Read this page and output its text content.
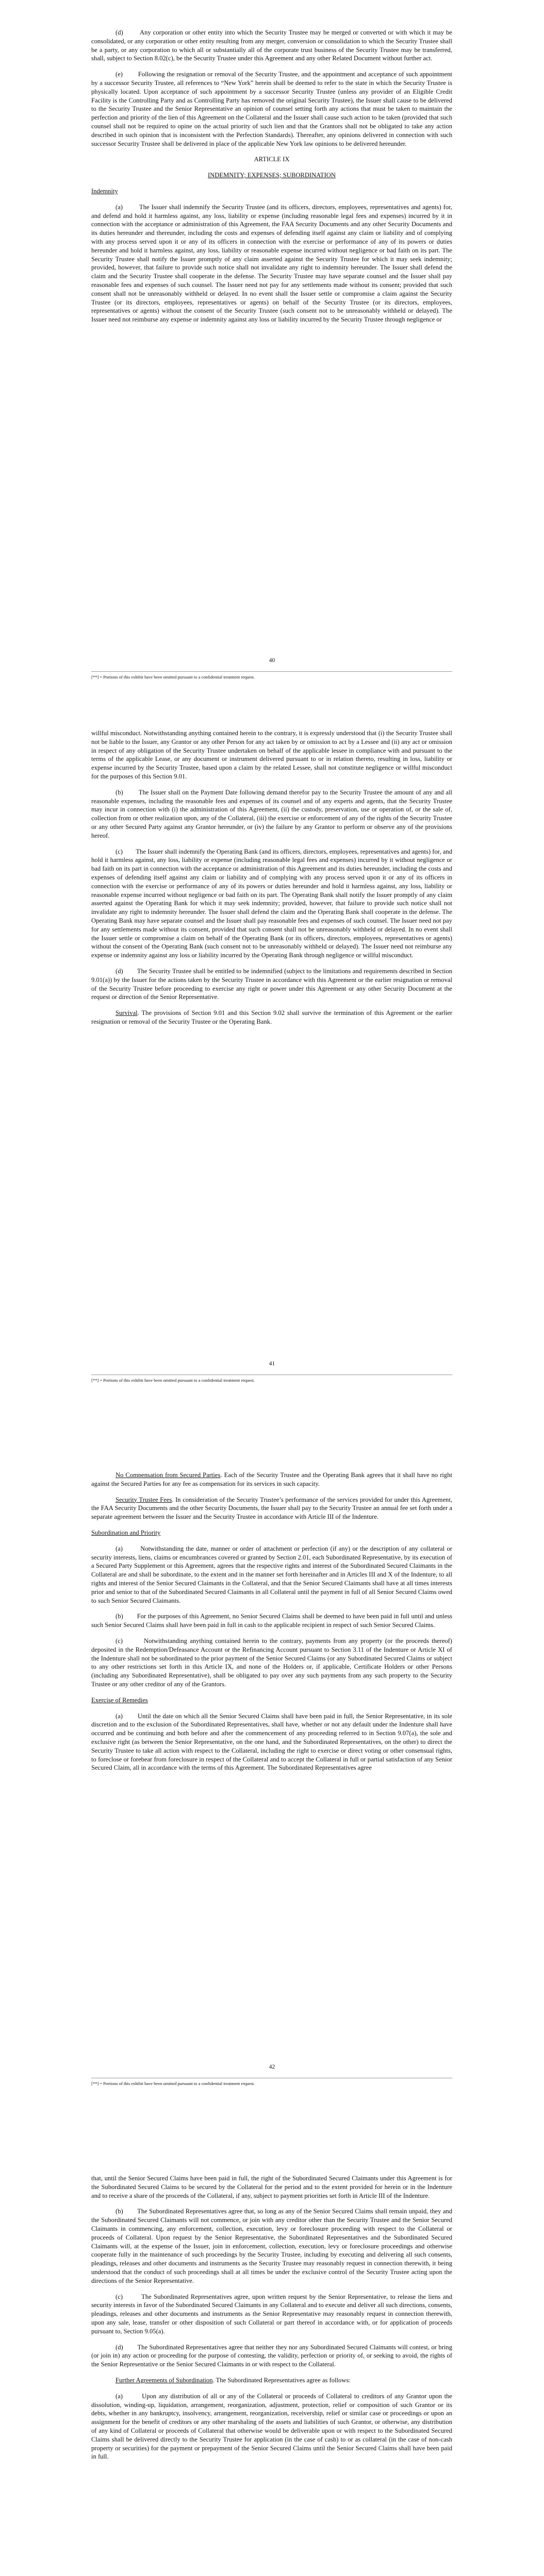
(d)	Any corporation or other entity into which the Security Trustee may be merged or converted or with which it may be consolidated, or any corporation or other entity resulting from any merger, conversion or consolidation to which the Security Trustee shall be a party, or any corporation to which all or substantially all of the corporate trust business of the Security Trustee may be transferred, shall, subject to Section 8.02(c), be the Security Trustee under this Agreement and any other Related Document without further act.

(e) Following the resignation or removal of the Security Trustee, and the appointment and acceptance of such appointment by a successor Security Trustee, all references to “New York” herein shall be deemed to refer to the state in which the Security Trustee is physically located. Upon acceptance of such appointment by a successor Security Trustee (unless any provider of an Eligible Credit Facility is the Controlling Party and as Controlling Party has removed the original Security Trustee), the Issuer shall cause to be delivered to the Security Trustee and the Senior Representative an opinion of counsel setting forth any actions that must be taken to maintain the perfection and priority of the lien of this Agreement on the Collateral and the Issuer shall cause such action to be taken (provided that such counsel shall not be required to opine on the actual priority of such lien and that the Grantors shall not be obligated to take any action described in such opinion that is inconsistent with the Perfection Standards). Thereafter, any opinions delivered in connection with such successor Security Trustee shall be delivered in place of the applicable New York law opinions to be delivered hereunder.

ARTICLE IX

INDEMNITY; EXPENSES; SUBORDINATION

Indemnity

(a)	The Issuer shall indemnify the Security Trustee (and its officers, directors, employees, representatives and agents) for, and defend and hold it harmless against, any loss, liability or expense (including reasonable legal fees and expenses) incurred by it in connection with the acceptance or administration of this Agreement, the FAA Security Documents and any other Security Documents and its duties hereunder and thereunder, including the costs and expenses of defending itself against any claim or liability and of complying with any process served upon it or any of its officers in connection with the exercise or performance of any of its powers or duties hereunder and hold it harmless against, any loss, liability or reasonable expense incurred without negligence or bad faith on its part. The Security Trustee shall notify the Issuer promptly of any claim asserted against the Security Trustee for which it may seek indemnity; provided, however, that failure to provide such notice shall not invalidate any right to indemnity hereunder. The Issuer shall defend the claim and the Security Trustee shall cooperate in the defense. The Security Trustee may have separate counsel and the Issuer shall pay reasonable fees and expenses of such counsel. The Issuer need not pay for any settlements made without its consent; provided that such consent shall not be unreasonably withheld or delayed. In no event shall the Issuer settle or compromise a claim against the Security Trustee (or its directors, employees, representatives or agents) on behalf of the Security Trustee (or its directors, employees, representatives or agents) without the consent of the Security Trustee (such consent not to be unreasonably withheld or delayed). The Issuer need not reimburse any expense or indemnity against any loss or liability incurred by the Security Trustee through negligence or

40
[**] = Portions of this exhibit have been omitted pursuant to a confidential treatment request.

willful misconduct. Notwithstanding anything contained herein to the contrary, it is expressly understood that (i) the Security Trustee shall not be liable to the Issuer, any Grantor or any other Person for any act taken by or omission to act by a Lessee and (ii) any act or omission in respect of any obligation of the Security Trustee undertaken on behalf of the applicable lessee in compliance with and pursuant to the terms of the applicable Lease, or any document or instrument delivered pursuant to or in relation thereto, resulting in loss, liability or expense incurred by the Security Trustee, based upon a claim by the related Lessee, shall not constitute negligence or willful misconduct for the purposes of this Section 9.01.

(b) The Issuer shall on the Payment Date following demand therefor pay to the Security Trustee the amount of any and all reasonable expenses, including the reasonable fees and expenses of its counsel and of any experts and agents, that the Security Trustee may incur in connection with (i) the administration of this Agreement, (ii) the custody, preservation, use or operation of, or the sale of, collection from or other realization upon, any of the Collateral, (iii) the exercise or enforcement of any of the rights of the Security Trustee or any other Secured Party against any Grantor hereunder, or (iv) the failure by any Grantor to perform or observe any of the provisions hereof.

(c) The Issuer shall indemnify the Operating Bank (and its officers, directors, employees, representatives and agents) for, and hold it harmless against, any loss, liability or expense (including reasonable legal fees and expenses) incurred by it without negligence or bad faith on its part in connection with the acceptance or administration of this Agreement and its duties hereunder, including the costs and expenses of defending itself against any claim or liability and of complying with any process served upon it or any of its officers in connection with the exercise or performance of any of its powers or duties hereunder and hold it harmless against, any loss, liability or reasonable expense incurred without negligence or bad faith on its part. The Operating Bank shall notify the Issuer promptly of any claim asserted against the Operating Bank for which it may seek indemnity; provided, however, that failure to provide such notice shall not invalidate any right to indemnity hereunder. The Issuer shall defend the claim and the Operating Bank shall cooperate in the defense. The Operating Bank may have separate counsel and the Issuer shall pay reasonable fees and expenses of such counsel. The Issuer need not pay for any settlements made without its consent, provided that such consent shall not be unreasonably withheld or delayed. In no event shall the Issuer settle or compromise a claim on behalf of the Operating Bank (or its officers, directors, employees, representatives or agents) without the consent of the Operating Bank (such consent not to be unreasonably withheld or delayed). The Issuer need not reimburse any expense or indemnity against any loss or liability incurred by the Operating Bank through negligence or willful misconduct.

(d) The Security Trustee shall be entitled to be indemnified (subject to the limitations and requirements described in Section 9.01(a)) by the Issuer for the actions taken by the Security Trustee in accordance with this Agreement or the earlier resignation or removal of the Security Trustee before proceeding to exercise any right or power under this Agreement or any other Security Document at the request or direction of the Senior Representative.

Survival. The provisions of Section 9.01 and this Section 9.02 shall survive the termination of this Agreement or the earlier resignation or removal of the Security Trustee or the Operating Bank.

41
[**] = Portions of this exhibit have been omitted pursuant to a confidential treatment request.

No Compensation from Secured Parties. Each of the Security Trustee and the Operating Bank agrees that it shall have no right against the Secured Parties for any fee as compensation for its services in such capacity.

Security Trustee Fees. In consideration of the Security Trustee’s performance of the services provided for under this Agreement, the FAA Security Documents and the other Security Documents, the Issuer shall pay to the Security Trustee an annual fee set forth under a separate agreement between the Issuer and the Security Trustee in accordance with Article III of the Indenture.

Subordination and Priority

(a)	Notwithstanding the date, manner or order of attachment or perfection (if any) or the description of any collateral or security interests, liens, claims or encumbrances covered or granted by Section 2.01, each Subordinated Representative, by its execution of a Secured Party Supplement or this Agreement, agrees that the respective rights and interest of the Subordinated Secured Claimants in the Collateral are and shall be subordinate, to the extent and in the manner set forth hereinafter and in Articles III and X of the Indenture, to all rights and interest of the Senior Secured Claimants in the Collateral, and that the Senior Secured Claimants shall have at all times interests prior and senior to that of the Subordinated Secured Claimants in all Collateral until the payment in full of all Senior Secured Claims owed to such Senior Secured Claimants.

(b) For the purposes of this Agreement, no Senior Secured Claims shall be deemed to have been paid in full until and unless such Senior Secured Claims shall have been paid in full in cash to the applicable recipient in respect of such Senior Secured Claims.

(c)	Notwithstanding anything contained herein to the contrary, payments from any property (or the proceeds thereof) deposited in the Redemption/Defeasance Account or the Refinancing Account pursuant to Section 3.11 of the Indenture or Article XI of the Indenture shall not be subordinated to the prior payment of the Senior Secured Claims (or any Subordinated Secured Claims or subject to any other restrictions set forth in this Article IX, and none of the Holders or, if applicable, Certificate Holders or other Persons (including any Subordinated Representative), shall be obligated to pay over any such payments from any such property to the Security Trustee or any other creditor of any of the Grantors.

Exercise of Remedies

(a) Until the date on which all the Senior Secured Claims shall have been paid in full, the Senior Representative, in its sole discretion and to the exclusion of the Subordinated Representatives, shall have, whether or not any default under the Indenture shall have occurred and be continuing and both before and after the commencement of any proceeding referred to in Section 9.07(a), the sole and exclusive right (as between the Senior Representative, on the one hand, and the Subordinated Representatives, on the other) to direct the Security Trustee to take all action with respect to the Collateral, including the right to exercise or direct voting or other consensual rights, to foreclose or forebear from foreclosure in respect of the Collateral and to accept the Collateral in full or partial satisfaction of any Senior Secured Claim, all in accordance with the terms of this Agreement. The Subordinated Representatives agree

42
[**] = Portions of this exhibit have been omitted pursuant to a confidential treatment request.

that, until the Senior Secured Claims have been paid in full, the right of the Subordinated Secured Claimants under this Agreement is for the Subordinated Secured Claims to be secured by the Collateral for the period and to the extent provided for herein or in the Indenture and to receive a share of the proceeds of the Collateral, if any, subject to payment priorities set forth in Article III of the Indenture.

(b) The Subordinated Representatives agree that, so long as any of the Senior Secured Claims shall remain unpaid, they and the Subordinated Secured Claimants will not commence, or join with any creditor other than the Security Trustee and the Senior Secured Claimants in commencing, any enforcement, collection, execution, levy or foreclosure proceeding with respect to the Collateral or proceeds of Collateral. Upon request by the Senior Representative, the Subordinated Representatives and the Subordinated Secured Claimants will, at the expense of the Issuer, join in enforcement, collection, execution, levy or foreclosure proceedings and otherwise cooperate fully in the maintenance of such proceedings by the Security Trustee, including by executing and delivering all such consents, pleadings, releases and other documents and instruments as the Security Trustee may reasonably request in connection therewith, it being understood that the conduct of such proceedings shall at all times be under the exclusive control of the Security Trustee acting upon the directions of the Senior Representative.

(c)	The Subordinated Representatives agree, upon written request by the Senior Representative, to release the liens and security interests in favor of the Subordinated Secured Claimants in any Collateral and to execute and deliver all such directions, consents, pleadings, releases and other documents and instruments as the Senior Representative may reasonably request in connection therewith, upon any sale, lease, transfer or other disposition of such Collateral or part thereof in accordance with, or for application of proceeds pursuant to, Section 9.05(a).

(d) The Subordinated Representatives agree that neither they nor any Subordinated Secured Claimants will contest, or bring (or join in) any action or proceeding for the purpose of contesting, the validity, perfection or priority of, or seeking to avoid, the rights of the Senior Representative or the Senior Secured Claimants in or with respect to the Collateral.

Further Agreements of Subordination. The Subordinated Representatives agree as follows:

(a)	Upon any distribution of all or any of the Collateral or proceeds of Collateral to creditors of any Grantor upon the dissolution, winding-up, liquidation, arrangement, reorganization, adjustment, protection, relief or composition of such Grantor or its debts, whether in any bankruptcy, insolvency, arrangement, reorganization, receivership, relief or similar case or proceedings or upon an assignment for the benefit of creditors or any other marshaling of the assets and liabilities of such Grantor, or otherwise, any distribution of any kind of Collateral or proceeds of Collateral that otherwise would be deliverable upon or with respect to the Subordinated Secured Claims shall be delivered directly to the Security Trustee for application (in the case of cash) to or as collateral (in the case of non-cash property or securities) for the payment or prepayment of the Senior Secured Claims until the Senior Secured Claims shall have been paid in full.
